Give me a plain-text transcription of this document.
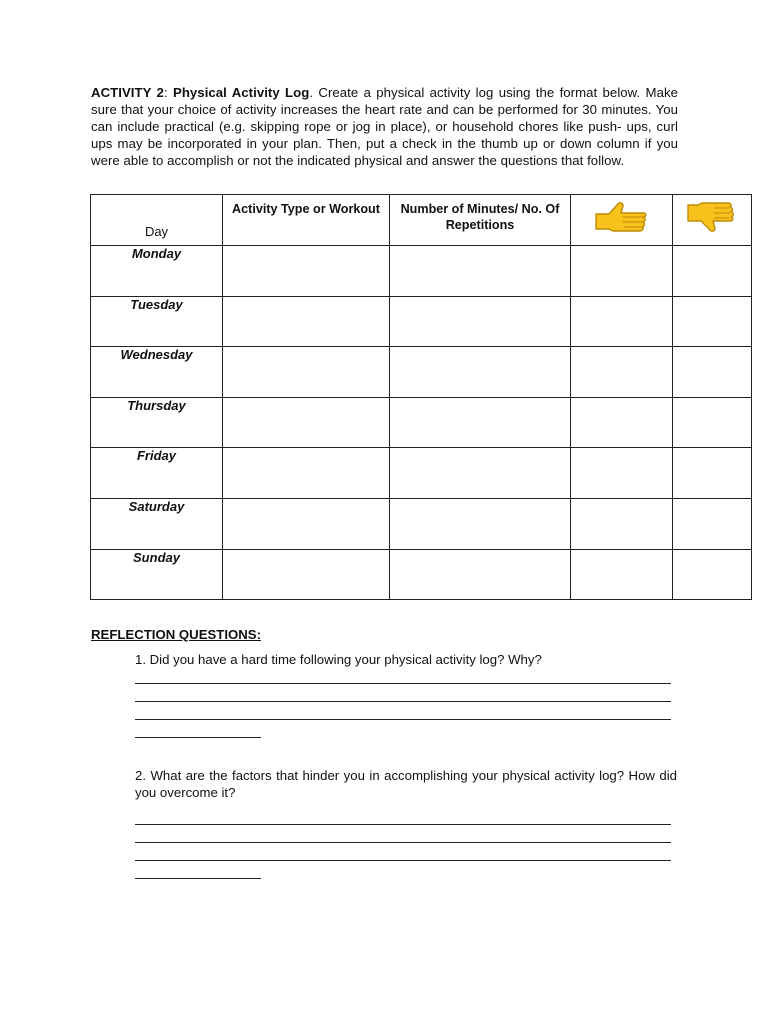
ACTIVITY 2: Physical Activity Log. Create a physical activity log using the format below. Make sure that your choice of activity increases the heart rate and can be performed for 30 minutes. You can include practical (e.g. skipping rope or jog in place), or household chores like push- ups, curl ups may be incorporated in your plan. Then, put a check in the thumb up or down column if you were able to accomplish or not the indicated physical and answer the questions that follow.
Day	Activity Type or Workout	Number of Minutes/ No. Of Repetitions		
Monday				
Tuesday				
Wednesday				
Thursday				
Friday				
Saturday				
Sunday				
REFLECTION QUESTIONS:
1. Did you have a hard time following your physical activity log? Why?
2. What are the factors that hinder you in accomplishing your physical activity log? How did you overcome it?
